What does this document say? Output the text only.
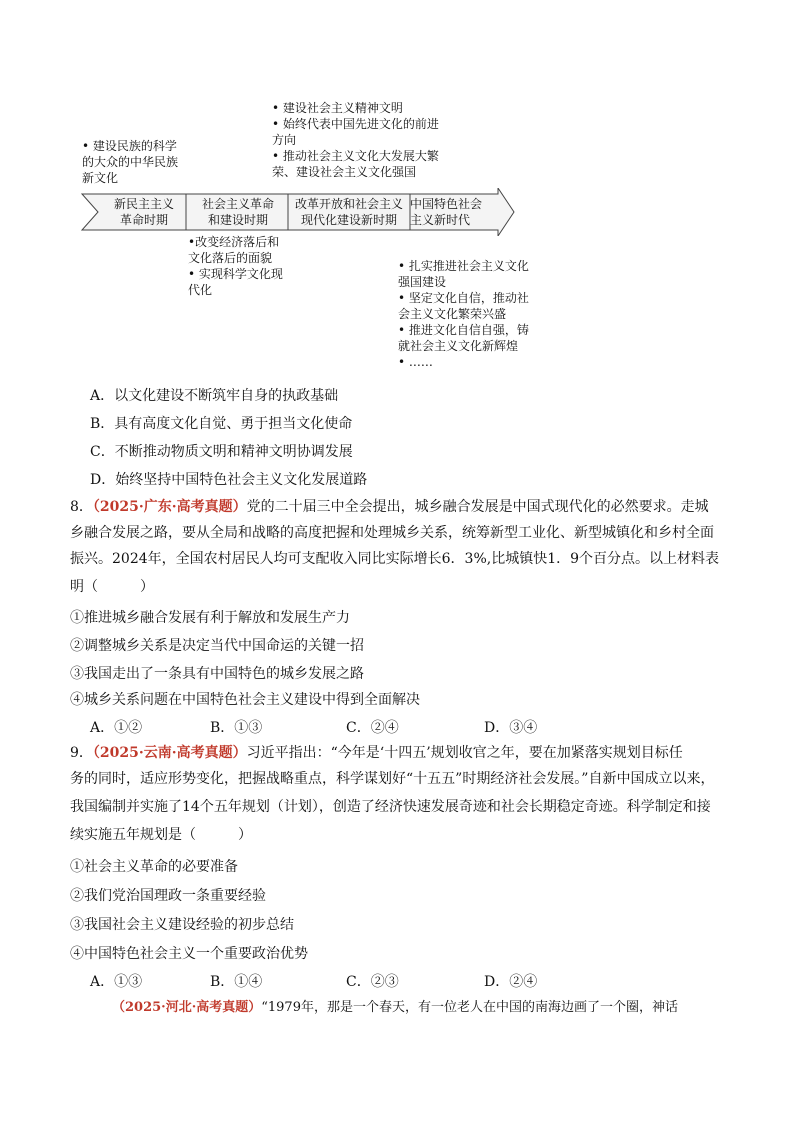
• 建设社会主义精神文明
• 始终代表中国先进文化的前进
方向
• 推动社会主义文化大发展大繁
荣、建设社会主义文化强国
• 建设民族的科学
的大众的中华民族
新文化
新民主主义
革命时期
社会主义革命
和建设时期
改革开放和社会主义
现代化建设新时期
中国特色社会
主义新时代
•改变经济落后和
文化落后的面貌
• 实现科学文化现
代化
• 扎实推进社会主义文化
强国建设
• 坚定文化自信，推动社
会主义文化繁荣兴盛
• 推进文化自信自强，铸
就社会主义文化新辉煌
• ……
A．以文化建设不断筑牢自身的执政基础
B．具有高度文化自觉、勇于担当文化使命
C．不断推动物质文明和精神文明协调发展
D．始终坚持中国特色社会主义文化发展道路
8．（2025·广东·高考真题）党的二十届三中全会提出，城乡融合发展是中国式现代化的必然要求。走城
乡融合发展之路，要从全局和战略的高度把握和处理城乡关系，统筹新型工业化、新型城镇化和乡村全面
振兴。2024年，全国农村居民人均可支配收入同比实际增长6．3%,比城镇快1．9个百分点。以上材料表
明（　　　）
①推进城乡融合发展有利于解放和发展生产力
②调整城乡关系是决定当代中国命运的关键一招
③我国走出了一条具有中国特色的城乡发展之路
④城乡关系问题在中国特色社会主义建设中得到全面解决
A．①②	B．①③	C．②④	D．③④
9．（2025·云南·高考真题）习近平指出：“今年是‘十四五’规划收官之年，要在加紧落实规划目标任
务的同时，适应形势变化，把握战略重点，科学谋划好“十五五”时期经济社会发展。”自新中国成立以来，
我国编制并实施了14个五年规划（计划），创造了经济快速发展奇迹和社会长期稳定奇迹。科学制定和接
续实施五年规划是（　　　）
①社会主义革命的必要准备
②我们党治国理政一条重要经验
③我国社会主义建设经验的初步总结
④中国特色社会主义一个重要政治优势
A．①③	B．①④	C．②③	D．②④
（2025·河北·高考真题）“1979年，那是一个春天，有一位老人在中国的南海边画了一个圈，神话
